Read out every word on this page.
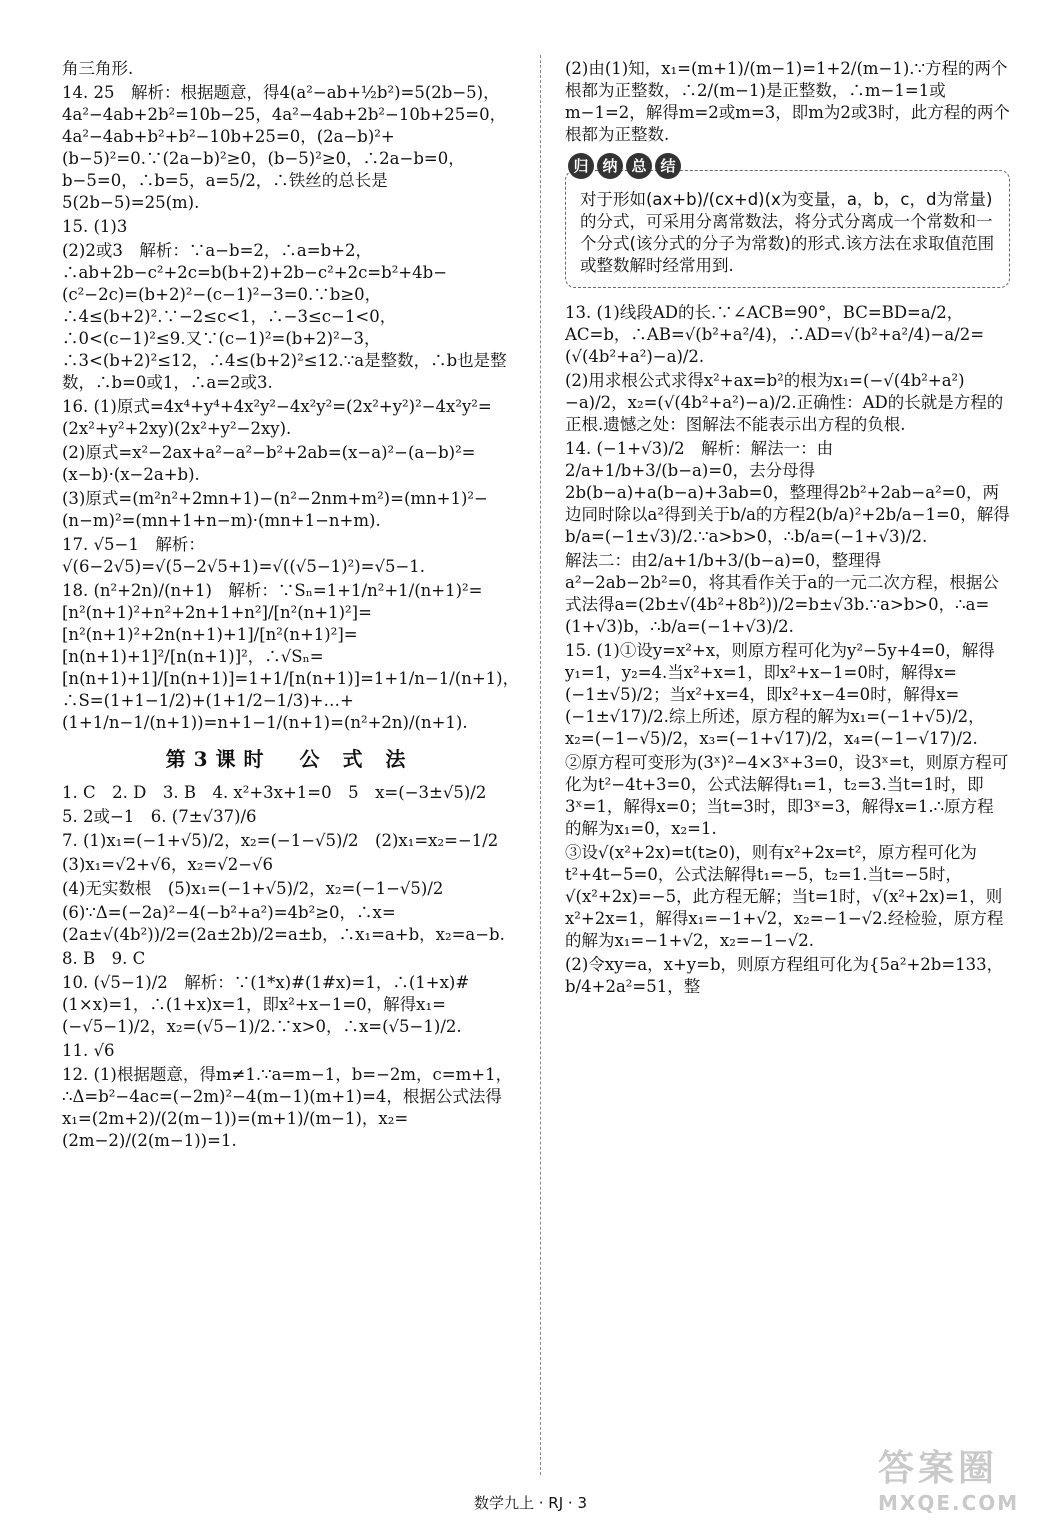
角三角形.
14. 25　解析：根据题意，得4(a²−ab+½b²)=5(2b−5)，4a²−4ab+2b²=10b−25，4a²−4ab+2b²−10b+25=0，4a²−4ab+b²+b²−10b+25=0，(2a−b)²+(b−5)²=0.∵(2a−b)²≥0，(b−5)²≥0，∴2a−b=0，b−5=0，∴b=5，a=5/2，∴铁丝的总长是5(2b−5)=25(m).
15. (1)3
(2)2或3　解析：∵a−b=2，∴a=b+2，∴ab+2b−c²+2c=b(b+2)+2b−c²+2c=b²+4b−(c²−2c)=(b+2)²−(c−1)²−3=0.∵b≥0，∴4≤(b+2)².∵−2≤c<1，∴−3≤c−1<0，∴0<(c−1)²≤9.又∵(c−1)²=(b+2)²−3，∴3<(b+2)²≤12，∴4≤(b+2)²≤12.∵a是整数，∴b也是整数，∴b=0或1，∴a=2或3.
16. (1)原式=4x⁴+y⁴+4x²y²−4x²y²=(2x²+y²)²−4x²y²=(2x²+y²+2xy)(2x²+y²−2xy).
(2)原式=x²−2ax+a²−a²−b²+2ab=(x−a)²−(a−b)²=(x−b)·(x−2a+b).
(3)原式=(m²n²+2mn+1)−(n²−2nm+m²)=(mn+1)²−(n−m)²=(mn+1+n−m)·(mn+1−n+m).
17. √5−1　解析：√(6−2√5)=√(5−2√5+1)=√((√5−1)²)=√5−1.
18. (n²+2n)/(n+1)　解析：∵Sₙ=1+1/n²+1/(n+1)²=[n²(n+1)²+n²+2n+1+n²]/[n²(n+1)²]=[n²(n+1)²+2n(n+1)+1]/[n²(n+1)²]=[n(n+1)+1]²/[n(n+1)]²，∴√Sₙ=[n(n+1)+1]/[n(n+1)]=1+1/[n(n+1)]=1+1/n−1/(n+1)，∴S=(1+1−1/2)+(1+1/2−1/3)+…+(1+1/n−1/(n+1))=n+1−1/(n+1)=(n²+2n)/(n+1).
第3课时　公 式 法
1. C　2. D　3. B　4. x²+3x+1=0　5　x=(−3±√5)/2
5. 2或−1　6. (7±√37)/6
7. (1)x₁=(−1+√5)/2，x₂=(−1−√5)/2　(2)x₁=x₂=−1/2
(3)x₁=√2+√6，x₂=√2−√6
(4)无实数根　(5)x₁=(−1+√5)/2，x₂=(−1−√5)/2
(6)∵Δ=(−2a)²−4(−b²+a²)=4b²≥0，∴x=(2a±√(4b²))/2=(2a±2b)/2=a±b，∴x₁=a+b，x₂=a−b.
8. B　9. C
10. (√5−1)/2　解析：∵(1*x)#(1#x)=1，∴(1+x)#(1×x)=1，∴(1+x)x=1，即x²+x−1=0，解得x₁=(−√5−1)/2，x₂=(√5−1)/2.∵x>0，∴x=(√5−1)/2.
11. √6
12. (1)根据题意，得m≠1.∵a=m−1，b=−2m，c=m+1，∴Δ=b²−4ac=(−2m)²−4(m−1)(m+1)=4，根据公式法得x₁=(2m+2)/(2(m−1))=(m+1)/(m−1)，x₂=(2m−2)/(2(m−1))=1.
(2)由(1)知，x₁=(m+1)/(m−1)=1+2/(m−1).∵方程的两个根都为正整数，∴2/(m−1)是正整数，∴m−1=1或m−1=2，解得m=2或m=3，即m为2或3时，此方程的两个根都为正整数.
归 纳 总 结
对于形如(ax+b)/(cx+d)(x为变量，a，b，c，d为常量)的分式，可采用分离常数法，将分式分离成一个常数和一个分式(该分式的分子为常数)的形式.该方法在求取值范围或整数解时经常用到.
13. (1)线段AD的长.∵∠ACB=90°，BC=BD=a/2，AC=b，∴AB=√(b²+a²/4)，∴AD=√(b²+a²/4)−a/2=(√(4b²+a²)−a)/2.
(2)用求根公式求得x²+ax=b²的根为x₁=(−√(4b²+a²)−a)/2，x₂=(√(4b²+a²)−a)/2.正确性：AD的长就是方程的正根.遗憾之处：图解法不能表示出方程的负根.
14. (−1+√3)/2　解析：解法一：由2/a+1/b+3/(b−a)=0，去分母得2b(b−a)+a(b−a)+3ab=0，整理得2b²+2ab−a²=0，两边同时除以a²得到关于b/a的方程2(b/a)²+2b/a−1=0，解得b/a=(−1±√3)/2.∵a>b>0，∴b/a=(−1+√3)/2.
解法二：由2/a+1/b+3/(b−a)=0，整理得a²−2ab−2b²=0，将其看作关于a的一元二次方程，根据公式法得a=(2b±√(4b²+8b²))/2=b±√3b.∵a>b>0，∴a=(1+√3)b，∴b/a=(−1+√3)/2.
15. (1)①设y=x²+x，则原方程可化为y²−5y+4=0，解得y₁=1，y₂=4.当x²+x=1，即x²+x−1=0时，解得x=(−1±√5)/2；当x²+x=4，即x²+x−4=0时，解得x=(−1±√17)/2.综上所述，原方程的解为x₁=(−1+√5)/2，x₂=(−1−√5)/2，x₃=(−1+√17)/2，x₄=(−1−√17)/2.
②原方程可变形为(3ˣ)²−4×3ˣ+3=0，设3ˣ=t，则原方程可化为t²−4t+3=0，公式法解得t₁=1，t₂=3.当t=1时，即3ˣ=1，解得x=0；当t=3时，即3ˣ=3，解得x=1.∴原方程的解为x₁=0，x₂=1.
③设√(x²+2x)=t(t≥0)，则有x²+2x=t²，原方程可化为t²+4t−5=0，公式法解得t₁=−5，t₂=1.当t=−5时，√(x²+2x)=−5，此方程无解；当t=1时，√(x²+2x)=1，则x²+2x=1，解得x₁=−1+√2，x₂=−1−√2.经检验，原方程的解为x₁=−1+√2，x₂=−1−√2.
(2)令xy=a，x+y=b，则原方程组可化为{5a²+2b=133，b/4+2a²=51，整
数学九上 · RJ · 3
答案圈
MXQE.COM
